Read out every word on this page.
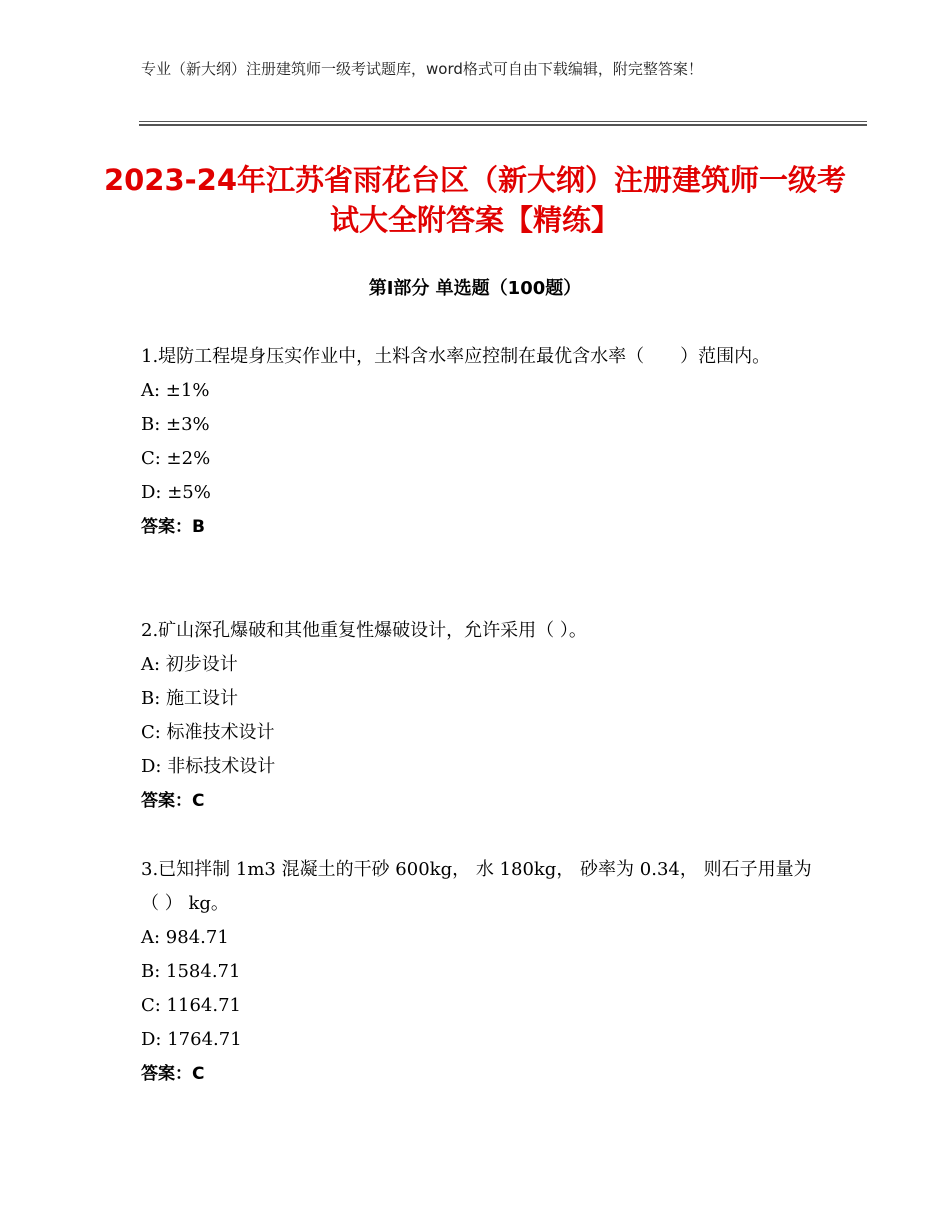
专业（新大纲）注册建筑师一级考试题库，word格式可自由下载编辑，附完整答案！
2023-24年江苏省雨花台区（新大纲）注册建筑师一级考试大全附答案【精练】
第Ⅰ部分 单选题（100题）
1.堤防工程堤身压实作业中，土料含水率应控制在最优含水率（　　）范围内。
A: ±1%
B: ±3%
C: ±2%
D: ±5%
答案：B
2.矿山深孔爆破和其他重复性爆破设计，允许采用（ ）。
A: 初步设计
B: 施工设计
C: 标准技术设计
D: 非标技术设计
答案：C
3.已知拌制 1m3 混凝土的干砂 600kg， 水 180kg， 砂率为 0.34， 则石子用量为（ ） kg。
A: 984.71
B: 1584.71
C: 1164.71
D: 1764.71
答案：C
